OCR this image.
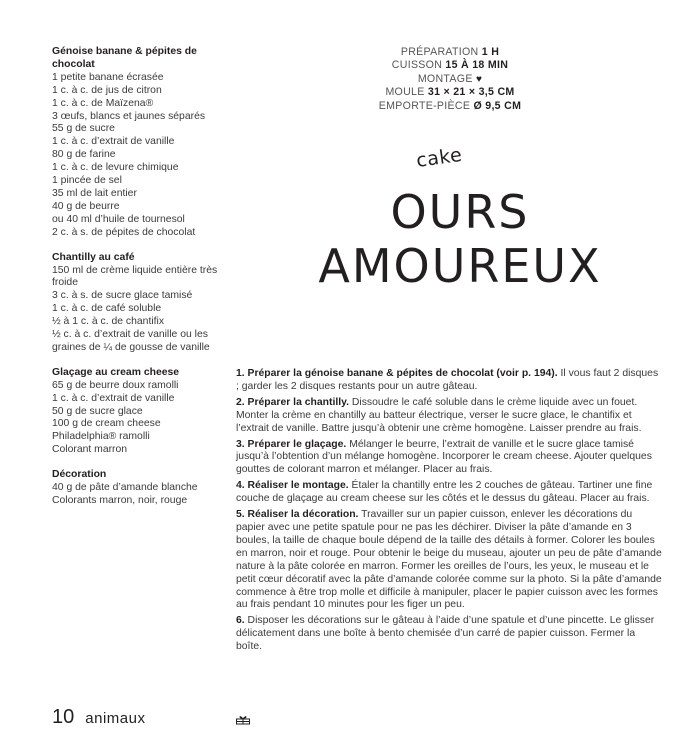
Génoise banane & pépites de chocolat
1 petite banane écrasée
1 c. à c. de jus de citron
1 c. à c. de Maïzena®
3 œufs, blancs et jaunes séparés
55 g de sucre
1 c. à c. d’extrait de vanille
80 g de farine
1 c. à c. de levure chimique
1 pincée de sel
35 ml de lait entier
40 g de beurre
ou 40 ml d’huile de tournesol
2 c. à s. de pépites de chocolat
Chantilly au café
150 ml de crème liquide entière très froide
3 c. à s. de sucre glace tamisé
1 c. à c. de café soluble
½ à 1 c. à c. de chantifix
½ c. à c. d’extrait de vanille ou les graines de ¼ de gousse de vanille
Glaçage au cream cheese
65 g de beurre doux ramolli
1 c. à c. d’extrait de vanille
50 g de sucre glace
100 g de cream cheese
Philadelphia® ramolli
Colorant marron
Décoration
40 g de pâte d’amande blanche
Colorants marron, noir, rouge
PRÉPARATION 1 H
CUISSON 15 À 18 MIN
MONTAGE ♥
MOULE 31 × 21 × 3,5 CM
EMPORTE-PIÈCE Ø 9,5 CM
cake
OURS
AMOUREUX
1. Préparer la génoise banane & pépites de chocolat (voir p. 194). Il vous faut 2 disques ; garder les 2 disques restants pour un autre gâteau.
2. Préparer la chantilly. Dissoudre le café soluble dans le crème liquide avec un fouet. Monter la crème en chantilly au batteur électrique, verser le sucre glace, le chantifix et l’extrait de vanille. Battre jusqu’à obtenir une crème homogène. Laisser prendre au frais.
3. Préparer le glaçage. Mélanger le beurre, l’extrait de vanille et le sucre glace tamisé jusqu’à l’obtention d’un mélange homogène. Incorporer le cream cheese. Ajouter quelques gouttes de colorant marron et mélanger. Placer au frais.
4. Réaliser le montage. Étaler la chantilly entre les 2 couches de gâteau. Tartiner une fine couche de glaçage au cream cheese sur les côtés et le dessus du gâteau. Placer au frais.
5. Réaliser la décoration. Travailler sur un papier cuisson, enlever les décorations du papier avec une petite spatule pour ne pas les déchirer. Diviser la pâte d’amande en 3 boules, la taille de chaque boule dépend de la taille des détails à former. Colorer les boules en marron, noir et rouge. Pour obtenir le beige du museau, ajouter un peu de pâte d’amande nature à la pâte colorée en marron. Former les oreilles de l’ours, les yeux, le museau et le petit cœur décoratif avec la pâte d’amande colorée comme sur la photo. Si la pâte d’amande commence à être trop molle et difficile à manipuler, placer le papier cuisson avec les formes au frais pendant 10 minutes pour les figer un peu.
6. Disposer les décorations sur le gâteau à l’aide d’une spatule et d’une pincette. Le glisser délicatement dans une boîte à bento chemisée d’un carré de papier cuisson. Fermer la boîte.
10 animaux
